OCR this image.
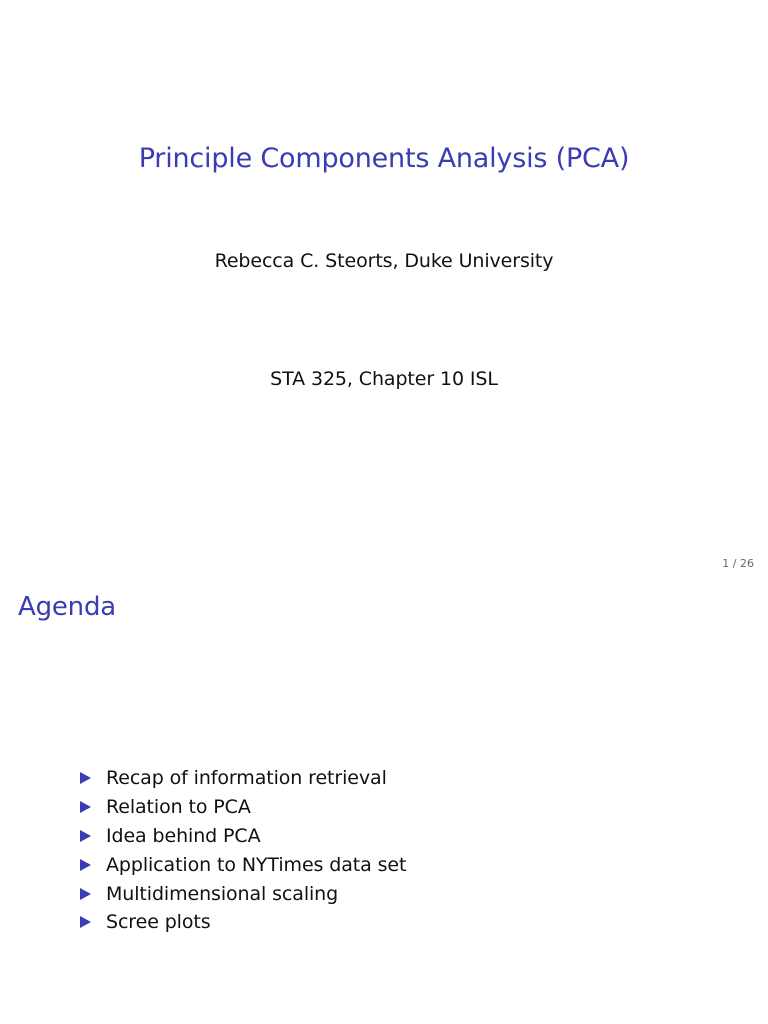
Principle Components Analysis (PCA)
Rebecca C. Steorts, Duke University
STA 325, Chapter 10 ISL
1 / 26
Agenda
Recap of information retrieval
Relation to PCA
Idea behind PCA
Application to NYTimes data set
Multidimensional scaling
Scree plots
